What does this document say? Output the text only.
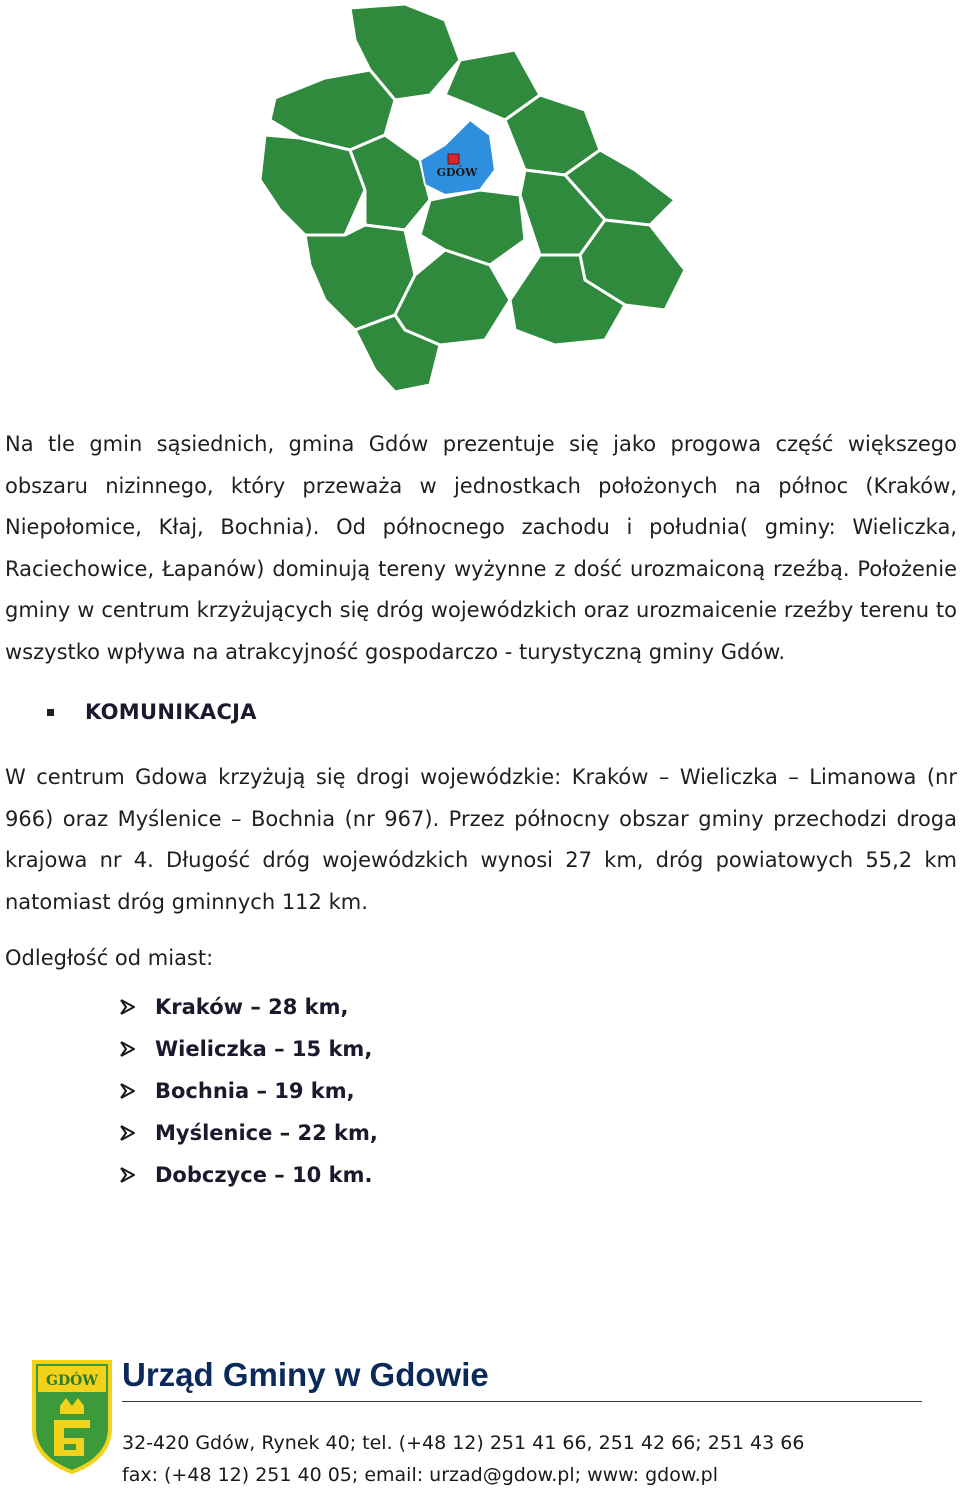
GDÓW

Na tle gmin sąsiednich, gmina Gdów prezentuje się jako progowa część większego obszaru nizinnego, który przeważa w jednostkach położonych na północ (Kraków, Niepołomice, Kłaj, Bochnia). Od północnego zachodu i południa( gminy: Wieliczka, Raciechowice, Łapanów) dominują tereny wyżynne z dość urozmaiconą rzeźbą. Położenie gminy w centrum krzyżujących się dróg wojewódzkich oraz urozmaicenie rzeźby terenu to wszystko wpływa na atrakcyjność gospodarczo - turystyczną gminy Gdów.

KOMUNIKACJA

W centrum Gdowa krzyżują się drogi wojewódzkie: Kraków – Wieliczka – Limanowa (nr 966) oraz Myślenice – Bochnia (nr 967). Przez północny obszar gminy przechodzi droga krajowa nr 4. Długość dróg wojewódzkich wynosi 27 km, dróg powiatowych 55,2 km natomiast dróg gminnych 112 km.

Odległość od miast:

Kraków – 28 km,
Wieliczka – 15 km,
Bochnia – 19 km,
Myślenice – 22 km,
Dobczyce – 10 km.
GDÓW Urząd Gminy w Gdowie
32-420 Gdów, Rynek 40; tel. (+48 12) 251 41 66, 251 42 66; 251 43 66
fax: (+48 12) 251 40 05; email: urzad@gdow.pl; www: gdow.pl
